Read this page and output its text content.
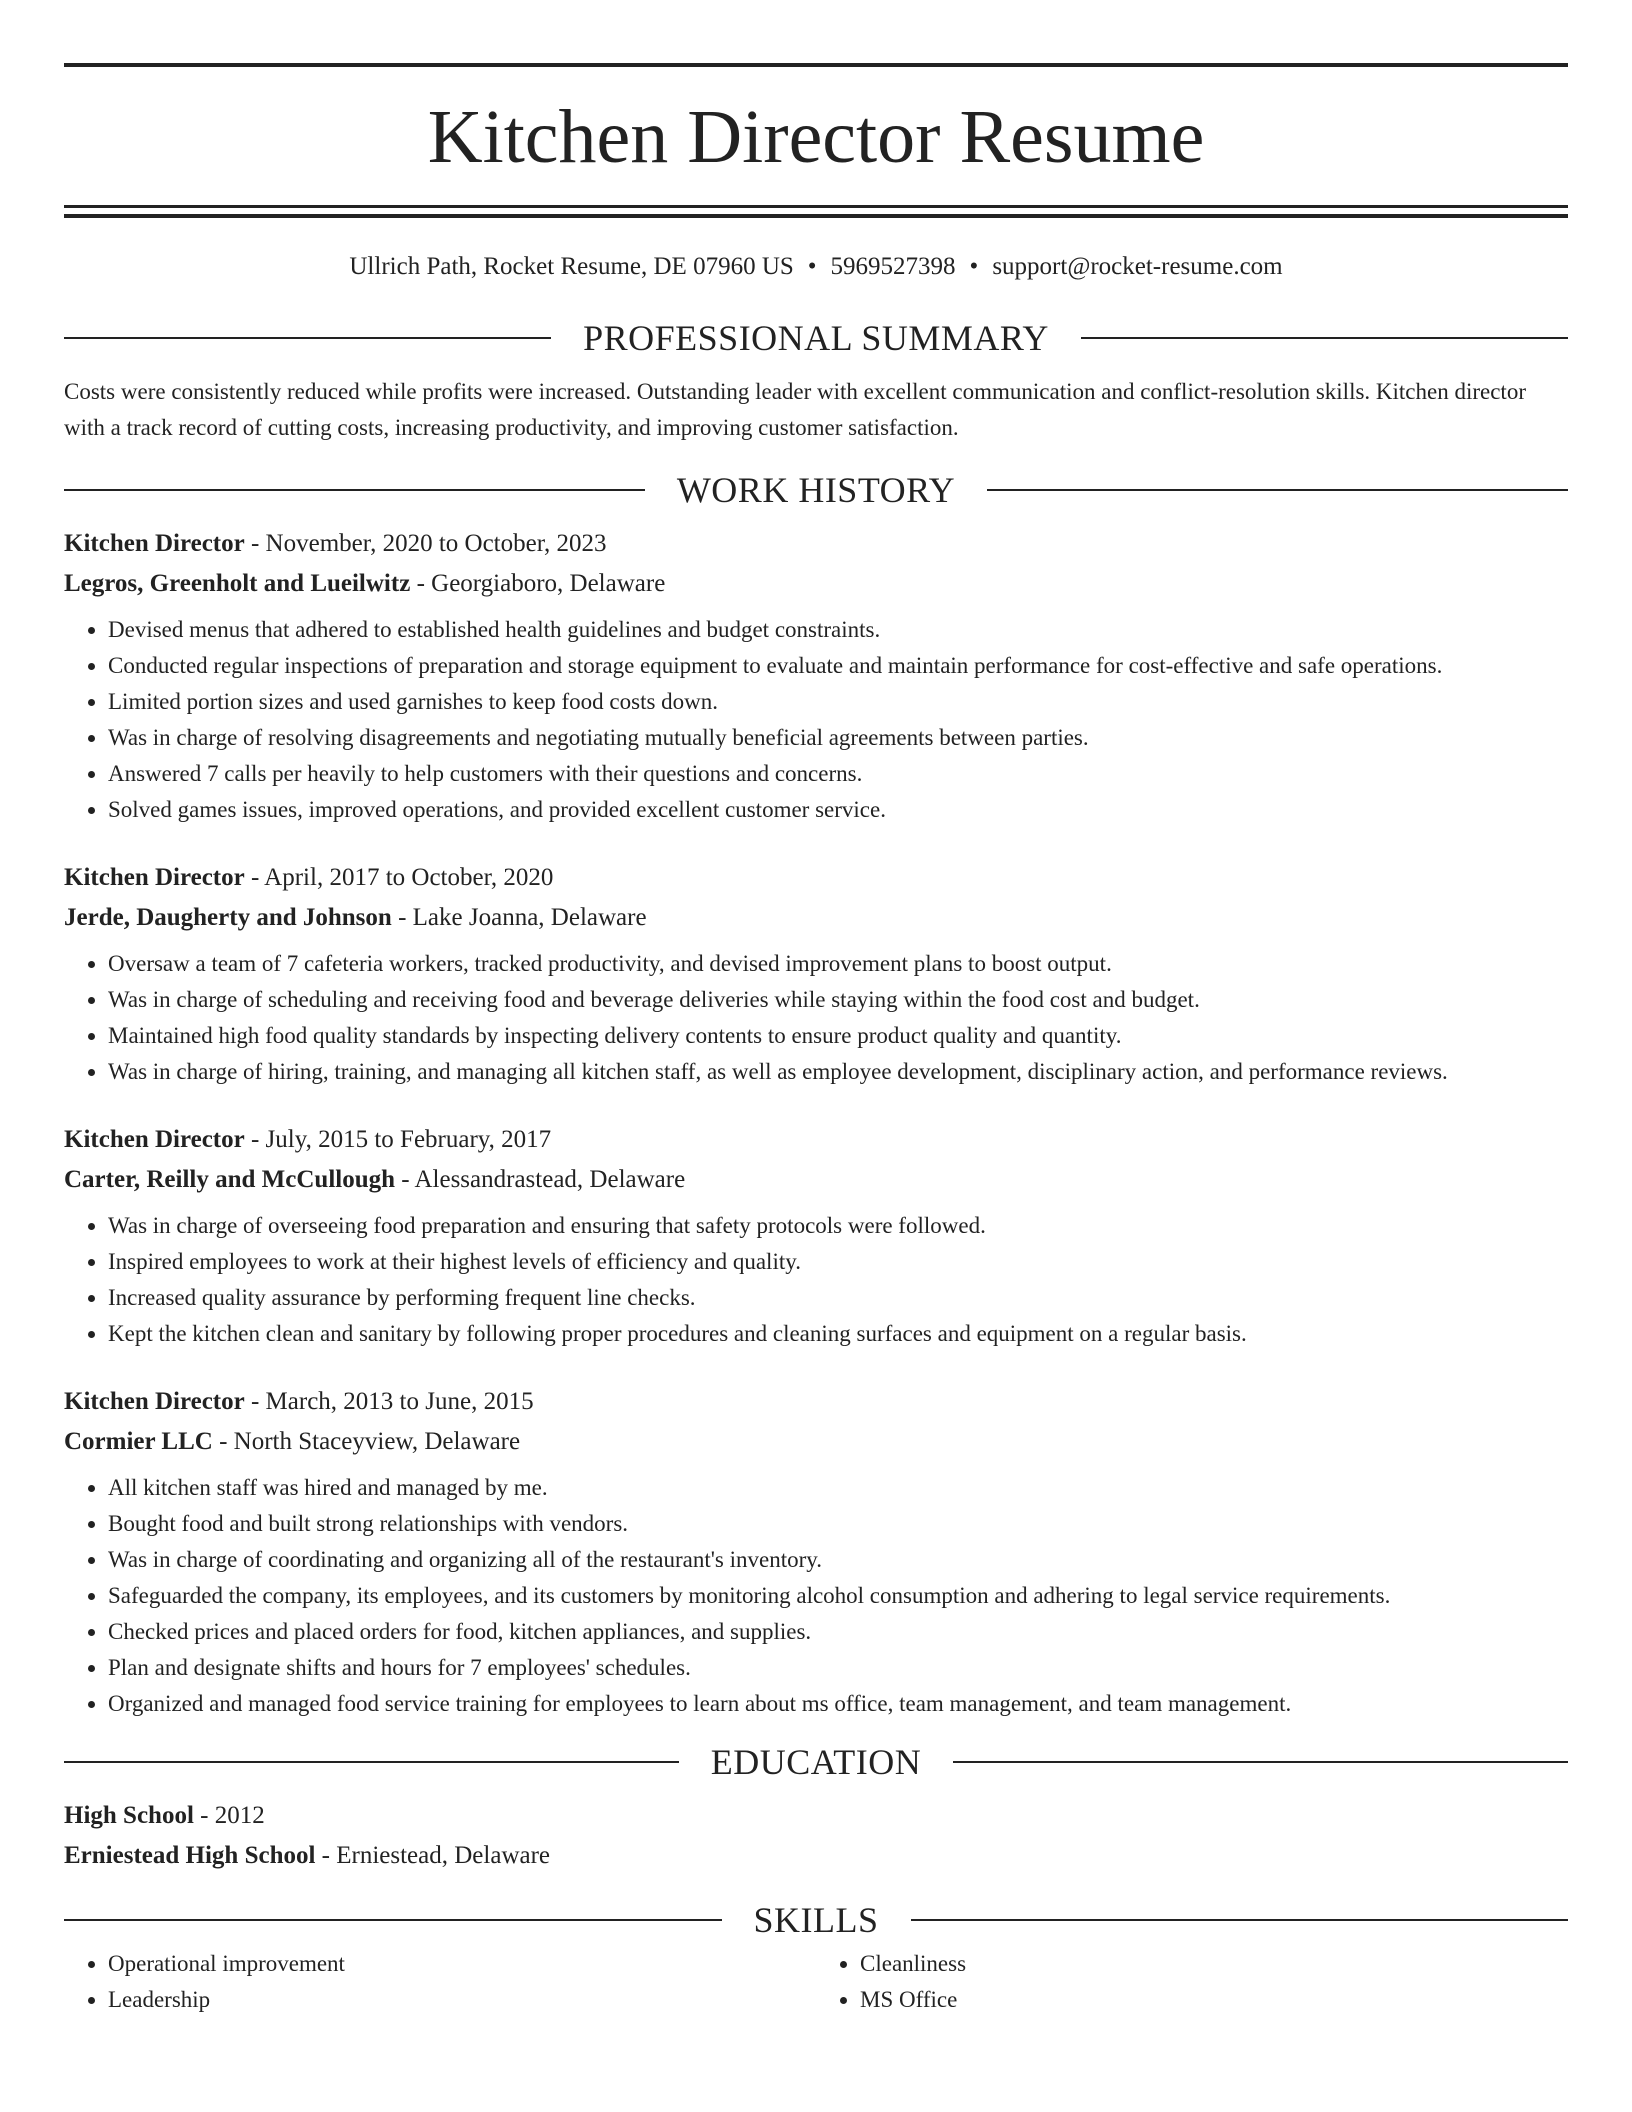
Kitchen Director Resume
Ullrich Path, Rocket Resume, DE 07960 US • 5969527398 • support@rocket-resume.com
PROFESSIONAL SUMMARY
Costs were consistently reduced while profits were increased. Outstanding leader with excellent communication and conflict-resolution skills. Kitchen director with a track record of cutting costs, increasing productivity, and improving customer satisfaction.
WORK HISTORY
Kitchen Director - November, 2020 to October, 2023
Legros, Greenholt and Lueilwitz - Georgiaboro, Delaware
• Devised menus that adhered to established health guidelines and budget constraints.
• Conducted regular inspections of preparation and storage equipment to evaluate and maintain performance for cost-effective and safe operations.
• Limited portion sizes and used garnishes to keep food costs down.
• Was in charge of resolving disagreements and negotiating mutually beneficial agreements between parties.
• Answered 7 calls per heavily to help customers with their questions and concerns.
• Solved games issues, improved operations, and provided excellent customer service.
Kitchen Director - April, 2017 to October, 2020
Jerde, Daugherty and Johnson - Lake Joanna, Delaware
• Oversaw a team of 7 cafeteria workers, tracked productivity, and devised improvement plans to boost output.
• Was in charge of scheduling and receiving food and beverage deliveries while staying within the food cost and budget.
• Maintained high food quality standards by inspecting delivery contents to ensure product quality and quantity.
• Was in charge of hiring, training, and managing all kitchen staff, as well as employee development, disciplinary action, and performance reviews.
Kitchen Director - July, 2015 to February, 2017
Carter, Reilly and McCullough - Alessandrastead, Delaware
• Was in charge of overseeing food preparation and ensuring that safety protocols were followed.
• Inspired employees to work at their highest levels of efficiency and quality.
• Increased quality assurance by performing frequent line checks.
• Kept the kitchen clean and sanitary by following proper procedures and cleaning surfaces and equipment on a regular basis.
Kitchen Director - March, 2013 to June, 2015
Cormier LLC - North Staceyview, Delaware
• All kitchen staff was hired and managed by me.
• Bought food and built strong relationships with vendors.
• Was in charge of coordinating and organizing all of the restaurant's inventory.
• Safeguarded the company, its employees, and its customers by monitoring alcohol consumption and adhering to legal service requirements.
• Checked prices and placed orders for food, kitchen appliances, and supplies.
• Plan and designate shifts and hours for 7 employees' schedules.
• Organized and managed food service training for employees to learn about ms office, team management, and team management.
EDUCATION
High School - 2012
Erniestead High School - Erniestead, Delaware
SKILLS
• Operational improvement
• Leadership
• Cleanliness
• MS Office
